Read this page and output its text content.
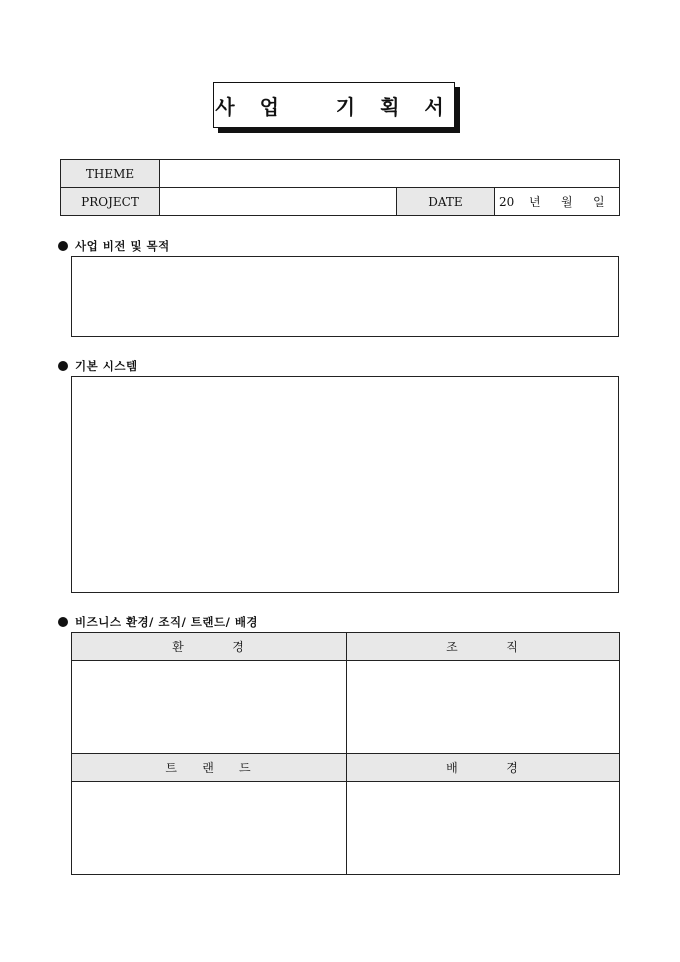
사 업   기 획 서
THEME			
PROJECT		DATE	20 년 월 일
사업 비전 및 목적
기본 시스템
비즈니스 환경/ 조직/ 트랜드/ 배경
환        경	조        직

트    랜    드	배        경
